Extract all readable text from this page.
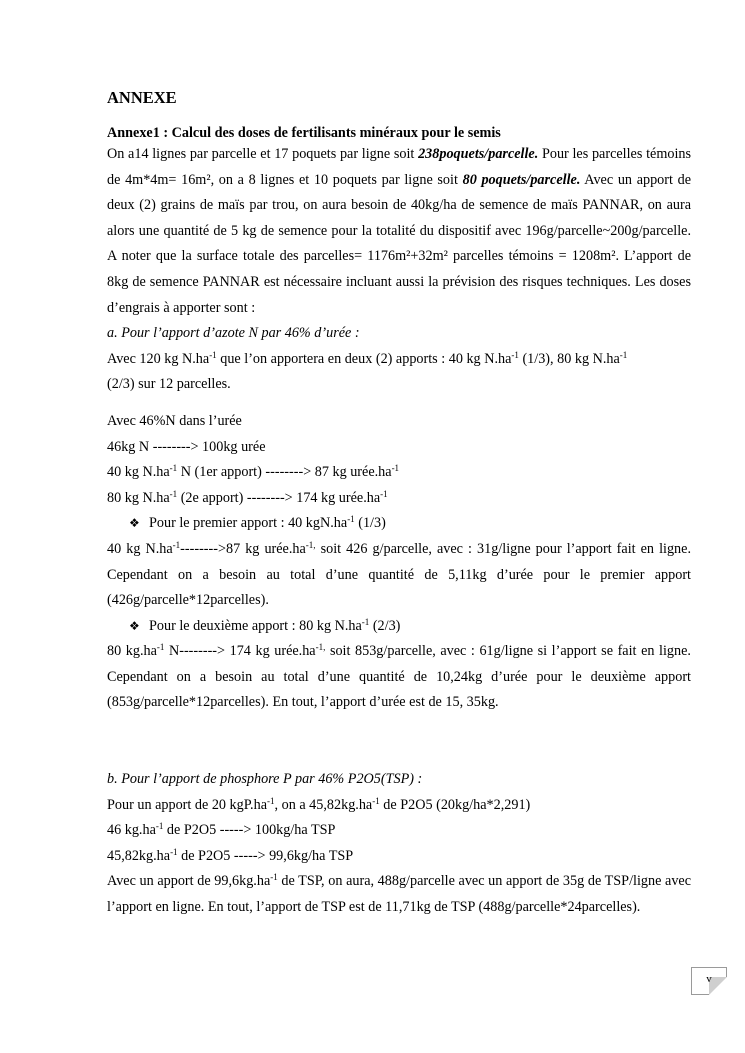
ANNEXE

Annexe1 : Calcul des doses de fertilisants minéraux pour le semis

On a14 lignes par parcelle et 17 poquets par ligne soit 238poquets/parcelle. Pour les parcelles témoins de 4m*4m= 16m², on a 8 lignes et 10 poquets par ligne soit 80 poquets/parcelle. Avec un apport de deux (2) grains de maïs par trou, on aura besoin de 40kg/ha de semence de maïs PANNAR, on aura alors une quantité de 5 kg de semence pour la totalité du dispositif avec 196g/parcelle~200g/parcelle. A noter que la surface totale des parcelles= 1176m²+32m² parcelles témoins = 1208m². L’apport de 8kg de semence PANNAR est nécessaire incluant aussi la prévision des risques techniques. Les doses d’engrais à apporter sont :

a. Pour l’apport d’azote N par 46% d’urée :

Avec 120 kg $N.ha^{-1}$ que l’on apportera en deux (2) apports : 40 kg $N.ha^{-1}$ (1/3), 80 kg $N.ha^{-1}$

(2/3) sur 12 parcelles.

Avec 46%N dans l’urée

46kg N --------> 100kg urée

40 kg $N.ha^{-1}$ N (1er apport) --------> 87 kg $urée.ha^{-1}$

80 kg $N.ha^{-1}$ (2e apport) --------> 174 kg $urée.ha^{-1}$

❖ Pour le premier apport : 40 $kgN.ha^{-1}$ (1/3)

40 kg $N.ha^{-1}-------->87$ kg $urée.ha^{-1,}$ soit 426 g/parcelle, avec : 31g/ligne pour l’apport fait en ligne. Cependant on a besoin au total d’une quantité de 5,11kg d’urée pour le premier apport (426g/parcelle*12parcelles).

❖ Pour le deuxième apport : 80 kg $N.ha^{-1}$ (2/3)

80 $kg.ha^{-1}$ N--------> 174 kg $urée.ha^{-1,}$ soit 853g/parcelle, avec : 61g/ligne si l’apport se fait en ligne. Cependant on a besoin au total d’une quantité de 10,24kg d’urée pour le deuxième apport (853g/parcelle*12parcelles). En tout, l’apport d’urée est de 15, 35kg.

b. Pour l’apport de phosphore P par 46% P2O5(TSP) :

Pour un apport de 20 $kgP.ha^{-1}$, on a $45,82kg.ha^{-1}$ de P2O5 (20kg/ha*2,291)

46 $kg.ha^{-1}$ de P2O5 -----> 100kg/ha TSP

$45,82kg.ha^{-1}$ de P2O5 -----> 99,6kg/ha TSP

Avec un apport de $99,6kg.ha^{-1}$ de TSP, on aura, 488g/parcelle avec un apport de 35g de TSP/ligne avec l’apport en ligne. En tout, l’apport de TSP est de 11,71kg de TSP (488g/parcelle*24parcelles).

v
